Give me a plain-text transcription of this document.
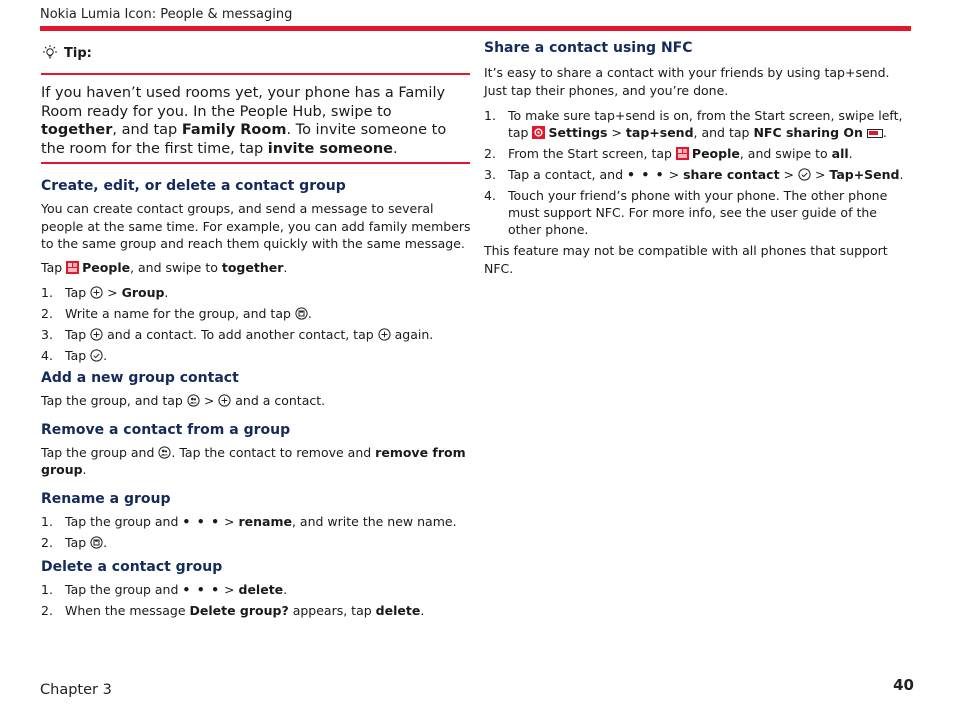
Nokia Lumia Icon: People & messaging
Tip:
If you haven’t used rooms yet, your phone has a Family Room ready for you. In the People Hub, swipe to together, and tap Family Room. To invite someone to the room for the first time, tap invite someone.
Create, edit, or delete a contact group

You can create contact groups, and send a message to several people at the same time. For example, you can add family members to the same group and reach them quickly with the same message.

Tap People, and swipe to together.

1. Tap  > Group.
2. Write a name for the group, and tap .
3. Tap  and a contact. To add another contact, tap  again.
4. Tap .
Add a new group contact

Tap the group, and tap  >  and a contact.

Remove a contact from a group

Tap the group and . Tap the contact to remove and remove from group.

Rename a group
1. Tap the group and • • • > rename, and write the new name.
2. Tap .
Delete a contact group
1. Tap the group and • • • > delete.
2. When the message Delete group? appears, tap delete.
Share a contact using NFC

It’s easy to share a contact with your friends by using tap+send. Just tap their phones, and you’re done.

1. To make sure tap+send is on, from the Start screen, swipe left, tap Settings > tap+send, and tap NFC sharing On .
2. From the Start screen, tap People, and swipe to all.
3. Tap a contact, and • • • > share contact >  > Tap+Send.
4. Touch your friend’s phone with your phone. The other phone must support NFC. For more info, see the user guide of the other phone.

This feature may not be compatible with all phones that support NFC.

Chapter 3	40
